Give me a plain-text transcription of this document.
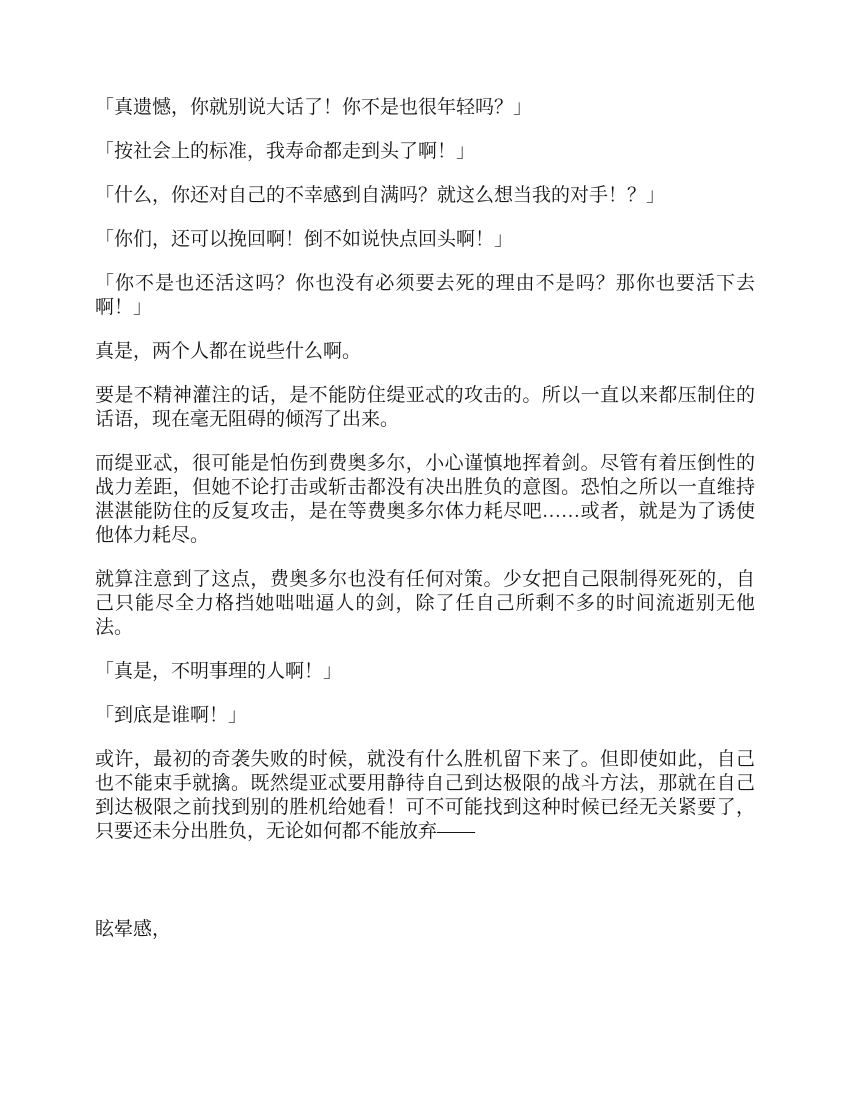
「真遗憾，你就别说大话了！你不是也很年轻吗？」

「按社会上的标准，我寿命都走到头了啊！」

「什么，你还对自己的不幸感到自满吗？就这么想当我的对手！？」

「你们，还可以挽回啊！倒不如说快点回头啊！」

「你不是也还活这吗？你也没有必须要去死的理由不是吗？那你也要活下去啊！」

真是，两个人都在说些什么啊。

要是不精神灌注的话，是不能防住缇亚忒的攻击的。所以一直以来都压制住的话语，现在毫无阻碍的倾泻了出来。

而缇亚忒，很可能是怕伤到费奥多尔，小心谨慎地挥着剑。尽管有着压倒性的战力差距，但她不论打击或斩击都没有决出胜负的意图。恐怕之所以一直维持湛湛能防住的反复攻击，是在等费奥多尔体力耗尽吧……或者，就是为了诱使他体力耗尽。

就算注意到了这点，费奥多尔也没有任何对策。少女把自己限制得死死的，自己只能尽全力格挡她咄咄逼人的剑，除了任自己所剩不多的时间流逝别无他法。

「真是，不明事理的人啊！」

「到底是谁啊！」

或许，最初的奇袭失败的时候，就没有什么胜机留下来了。但即使如此，自己也不能束手就擒。既然缇亚忒要用静待自己到达极限的战斗方法，那就在自己到达极限之前找到别的胜机给她看！可不可能找到这种时候已经无关紧要了，只要还未分出胜负，无论如何都不能放弃——

眩晕感，
